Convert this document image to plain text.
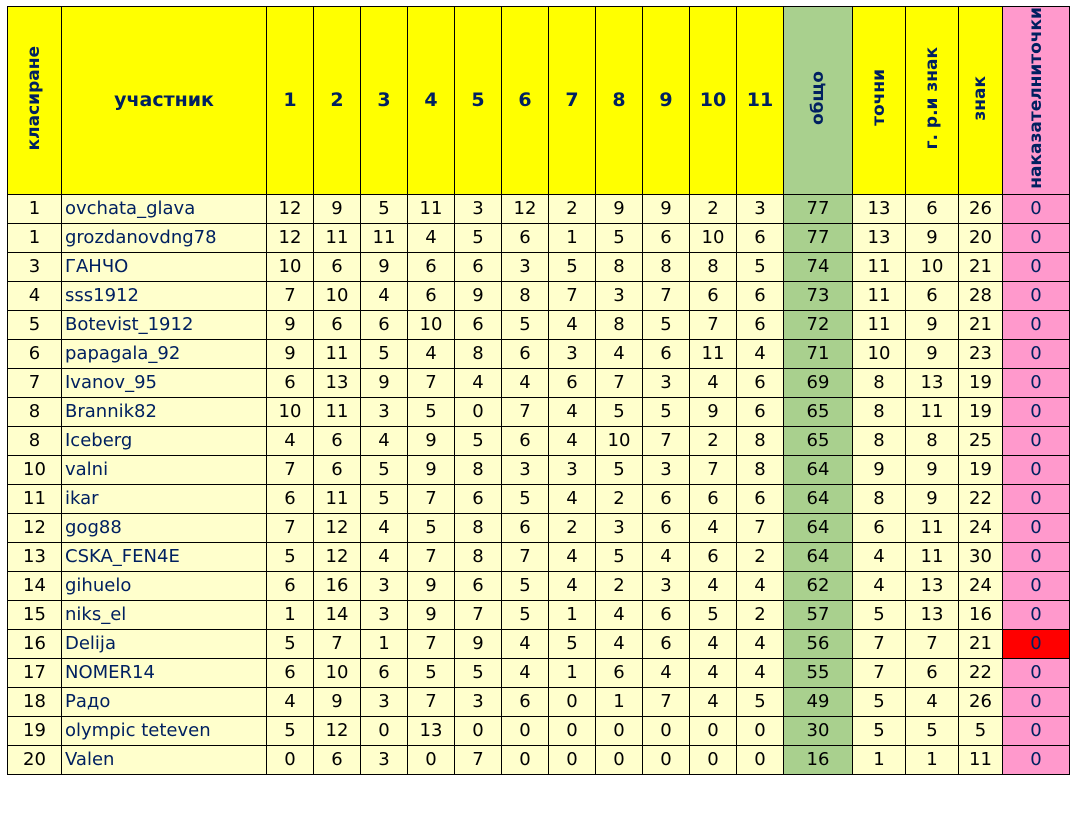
класиране	участник	1	2	3	4	5	6	7	8	9	10	11	общо	точни	г. р.и знак	знак	наказателни
точки

1	ovchata_glava	12	9	5	11	3	12	2	9	9	2	3	77	13	6	26	0
1	grozdanovdng78	12	11	11	4	5	6	1	5	6	10	6	77	13	9	20	0
3	ГАНЧО	10	6	9	6	6	3	5	8	8	8	5	74	11	10	21	0
4	sss1912	7	10	4	6	9	8	7	3	7	6	6	73	11	6	28	0
5	Botevist_1912	9	6	6	10	6	5	4	8	5	7	6	72	11	9	21	0
6	papagala_92	9	11	5	4	8	6	3	4	6	11	4	71	10	9	23	0
7	Ivanov_95	6	13	9	7	4	4	6	7	3	4	6	69	8	13	19	0
8	Brannik82	10	11	3	5	0	7	4	5	5	9	6	65	8	11	19	0
8	Iceberg	4	6	4	9	5	6	4	10	7	2	8	65	8	8	25	0
10	valni	7	6	5	9	8	3	3	5	3	7	8	64	9	9	19	0
11	ikar	6	11	5	7	6	5	4	2	6	6	6	64	8	9	22	0
12	gog88	7	12	4	5	8	6	2	3	6	4	7	64	6	11	24	0
13	CSKA_FEN4E	5	12	4	7	8	7	4	5	4	6	2	64	4	11	30	0
14	gihuelo	6	16	3	9	6	5	4	2	3	4	4	62	4	13	24	0
15	niks_el	1	14	3	9	7	5	1	4	6	5	2	57	5	13	16	0
16	Delija	5	7	1	7	9	4	5	4	6	4	4	56	7	7	21	0
17	NOMER14	6	10	6	5	5	4	1	6	4	4	4	55	7	6	22	0
18	Радо	4	9	3	7	3	6	0	1	7	4	5	49	5	4	26	0
19	olympic teteven	5	12	0	13	0	0	0	0	0	0	0	30	5	5	5	0
20	Valen	0	6	3	0	7	0	0	0	0	0	0	16	1	1	11	0
